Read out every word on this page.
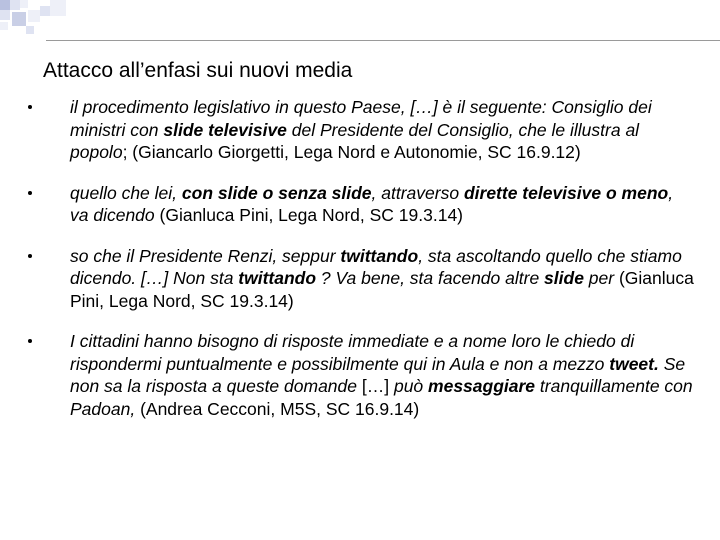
Attacco all’enfasi sui nuovi media
il procedimento legislativo in questo Paese, […] è il seguente: Consiglio dei ministri con slide televisive del Presidente del Consiglio, che le illustra al popolo; (Giancarlo Giorgetti, Lega Nord e Autonomie, SC 16.9.12)
quello che lei, con slide o senza slide, attraverso dirette televisive o meno, va dicendo (Gianluca Pini, Lega Nord, SC 19.3.14)
so che il Presidente Renzi, seppur twittando, sta ascoltando quello che stiamo dicendo. […] Non sta twittando ? Va bene, sta facendo altre slide per (Gianluca Pini, Lega Nord, SC 19.3.14)
I cittadini hanno bisogno di risposte immediate e a nome loro le chiedo di rispondermi puntualmente e possibilmente qui in Aula e non a mezzo tweet. Se non sa la risposta a queste domande […] può messaggiare tranquillamente con Padoan, (Andrea Cecconi, M5S, SC 16.9.14)
